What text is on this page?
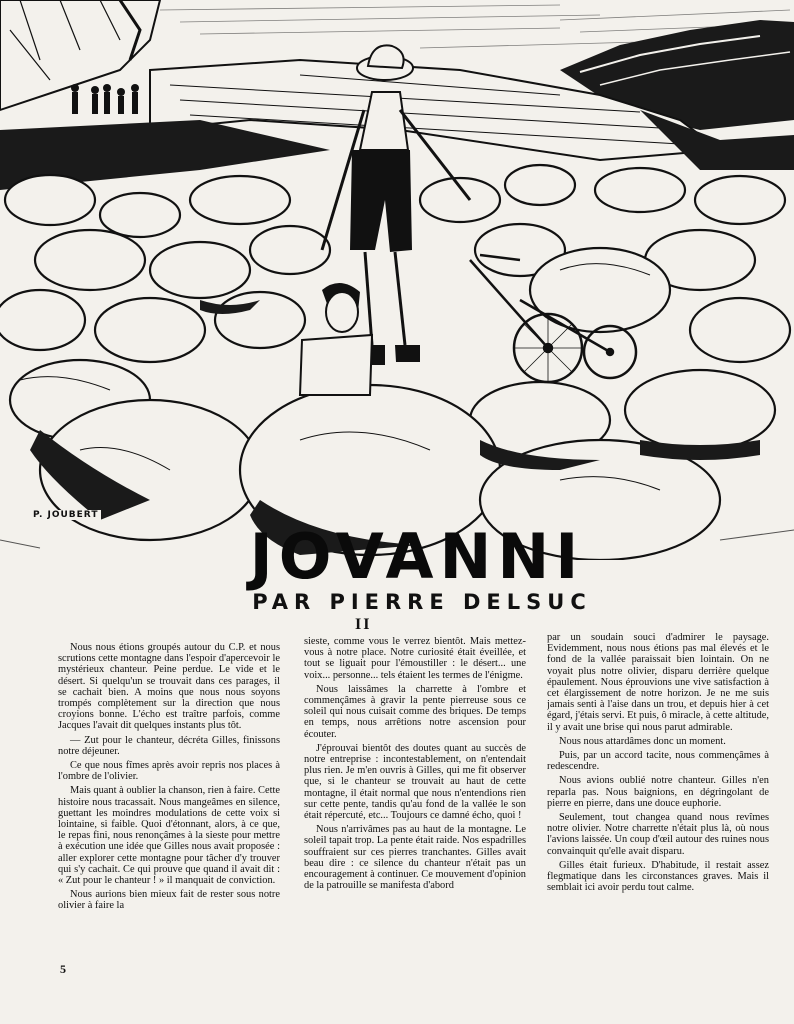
P. JOUBERT
JOVANNI
PAR PIERRE DELSUC
II

Nous nous étions groupés autour du C.P. et nous scrutions cette montagne dans l'espoir d'apercevoir le mystérieux chanteur. Peine perdue. Le vide et le désert. Si quelqu'un se trouvait dans ces parages, il se cachait bien. A moins que nous nous soyons trompés complètement sur la direction que nous croyions bonne. L'écho est traître parfois, comme Jacques l'avait dit quelques instants plus tôt.

— Zut pour le chanteur, décréta Gilles, finissons notre déjeuner.

Ce que nous fîmes après avoir repris nos places à l'ombre de l'olivier.

Mais quant à oublier la chanson, rien à faire. Cette histoire nous tracassait. Nous mangeâmes en silence, guettant les moindres modulations de cette voix si lointaine, si faible. Quoi d'étonnant, alors, à ce que, le repas fini, nous renonçâmes à la sieste pour mettre à exécution une idée que Gilles nous avait proposée : aller explorer cette montagne pour tâcher d'y trouver qui s'y cachait. Ce qui prouve que quand il avait dit : « Zut pour le chanteur ! » il manquait de conviction.

Nous aurions bien mieux fait de rester sous notre olivier à faire la

sieste, comme vous le verrez bientôt. Mais mettez-vous à notre place. Notre curiosité était éveillée, et tout se liguait pour l'émoustiller : le désert... une voix... personne... tels étaient les termes de l'énigme.

Nous laissâmes la charrette à l'ombre et commençâmes à gravir la pente pierreuse sous ce soleil qui nous cuisait comme des briques. De temps en temps, nous arrêtions notre ascension pour écouter.

J'éprouvai bientôt des doutes quant au succès de notre entreprise : incontestablement, on n'entendait plus rien. Je m'en ouvris à Gilles, qui me fit observer que, si le chanteur se trouvait au haut de cette montagne, il était normal que nous n'entendions rien sur cette pente, tandis qu'au fond de la vallée le son était répercuté, etc... Toujours ce damné écho, quoi !

Nous n'arrivâmes pas au haut de la montagne. Le soleil tapait trop. La pente était raide. Nos espadrilles souffraient sur ces pierres tranchantes. Gilles avait beau dire : ce silence du chanteur n'était pas un encouragement à continuer. Ce mouvement d'opinion de la patrouille se manifesta d'abord

par un soudain souci d'admirer le paysage. Evidemment, nous nous étions pas mal élevés et le fond de la vallée paraissait bien lointain. On ne voyait plus notre olivier, disparu derrière quelque épaulement. Nous éprouvions une vive satisfaction à cet élargissement de notre horizon. Je ne me suis jamais senti à l'aise dans un trou, et depuis hier à cet égard, j'étais servi. Et puis, ô miracle, à cette altitude, il y avait une brise qui nous parut admirable.

Nous nous attardâmes donc un moment.

Puis, par un accord tacite, nous commençâmes à redescendre.

Nous avions oublié notre chanteur. Gilles n'en reparla pas. Nous baignions, en dégringolant de pierre en pierre, dans une douce euphorie.

Seulement, tout changea quand nous revîmes notre olivier. Notre charrette n'était plus là, où nous l'avions laissée. Un coup d'œil autour des ruines nous convainquit qu'elle avait disparu.

Gilles était furieux. D'habitude, il restait assez flegmatique dans les circonstances graves. Mais il semblait ici avoir perdu tout calme.

5
